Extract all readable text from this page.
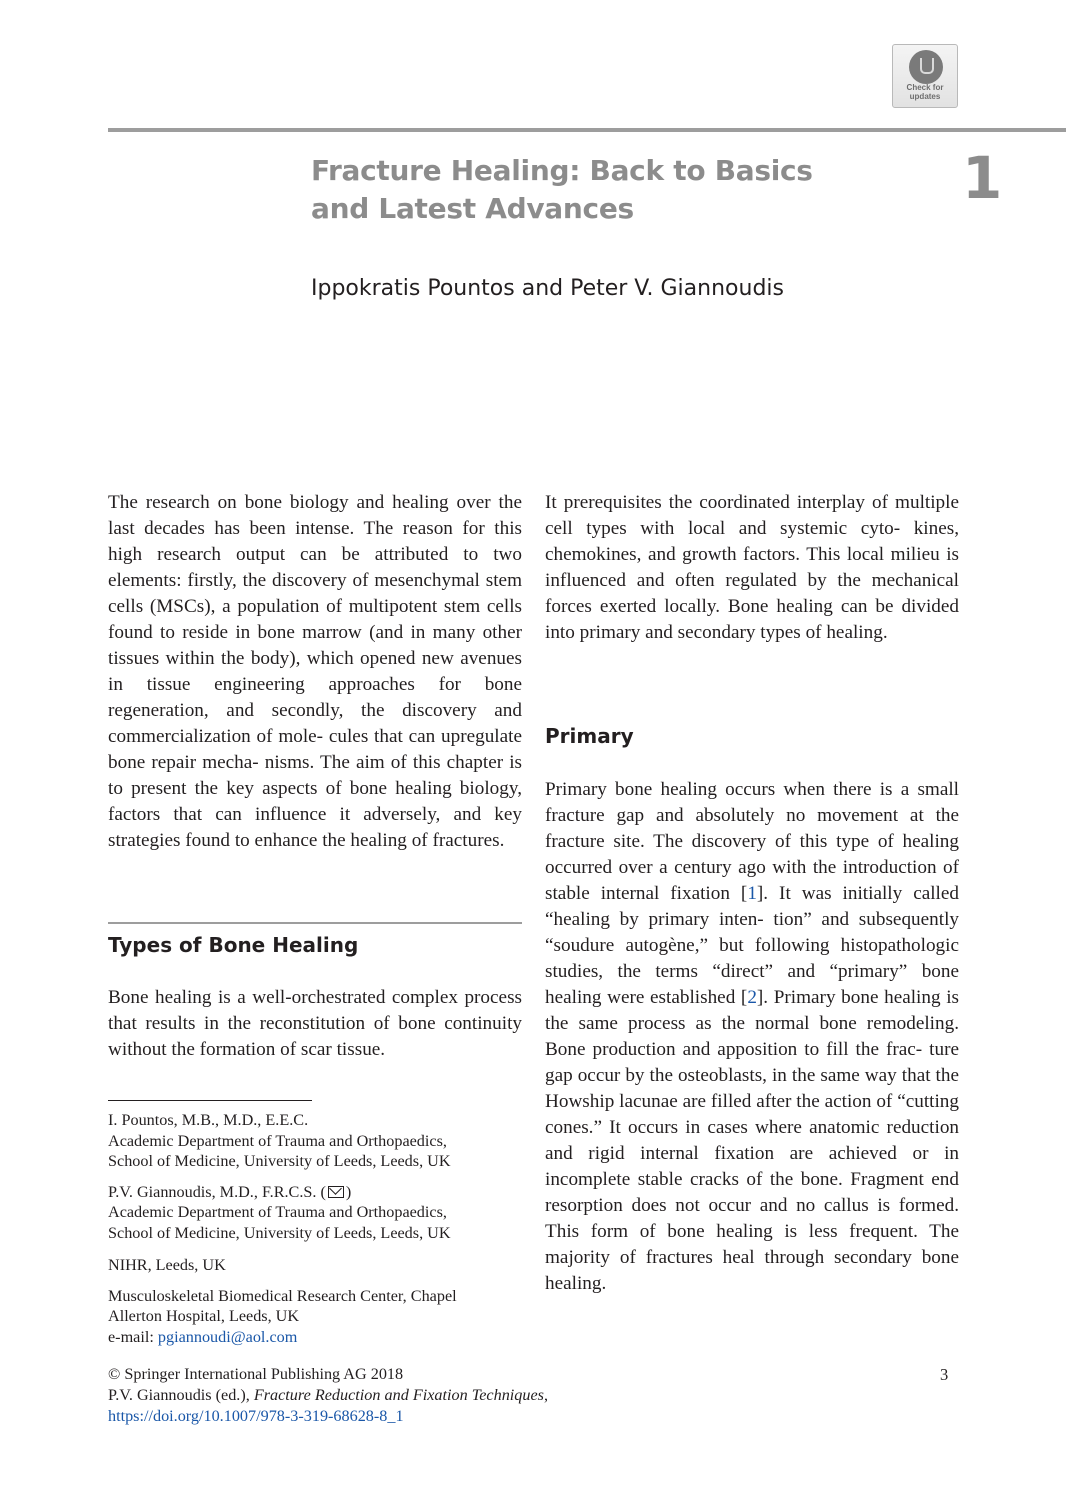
Check for
updates
Fracture Healing: Back to Basics
and Latest Advances	1
Ippokratis Pountos and Peter V. Giannoudis

The research on bone biology and healing over the last decades has been intense. The reason for this high research output can be attributed to two elements: firstly, the discovery of mesenchymal stem cells (MSCs), a population of multipotent stem cells found to reside in bone marrow (and in many other tissues within the body), which opened new avenues in tissue engineering approaches for bone regeneration, and secondly, the discovery and commercialization of mole- cules that can upregulate bone repair mecha- nisms. The aim of this chapter is to present the key aspects of bone healing biology, factors that can influence it adversely, and key strategies found to enhance the healing of fractures.

Types of Bone Healing

Bone healing is a well-orchestrated complex process that results in the reconstitution of bone continuity without the formation of scar tissue.

It prerequisites the coordinated interplay of multiple cell types with local and systemic cyto- kines, chemokines, and growth factors. This local milieu is influenced and often regulated by the mechanical forces exerted locally. Bone healing can be divided into primary and secondary types of healing.

Primary

Primary bone healing occurs when there is a small fracture gap and absolutely no movement at the fracture site. The discovery of this type of healing occurred over a century ago with the introduction of stable internal fixation [1]. It was initially called “healing by primary inten- tion” and subsequently “soudure autogène,” but following histopathologic studies, the terms “direct” and “primary” bone healing were established [2]. Primary bone healing is the same process as the normal bone remodeling. Bone production and apposition to fill the frac- ture gap occur by the osteoblasts, in the same way that the Howship lacunae are filled after the action of “cutting cones.” It occurs in cases where anatomic reduction and rigid internal fixation are achieved or in incomplete stable cracks of the bone. Fragment end resorption does not occur and no callus is formed. This form of bone healing is less frequent. The majority of fractures heal through secondary bone healing.

I. Pountos, M.B., M.D., E.E.C.
Academic Department of Trauma and Orthopaedics,
School of Medicine, University of Leeds, Leeds, UK

P.V. Giannoudis, M.D., F.R.C.S. ( )
Academic Department of Trauma and Orthopaedics,
School of Medicine, University of Leeds, Leeds, UK

NIHR, Leeds, UK

Musculoskeletal Biomedical Research Center, Chapel
Allerton Hospital, Leeds, UK
e-mail: pgiannoudi@aol.com

© Springer International Publishing AG 2018

P.V. Giannoudis (ed.), Fracture Reduction and Fixation Techniques,

https://doi.org/10.1007/978-3-319-68628-8_1

3
